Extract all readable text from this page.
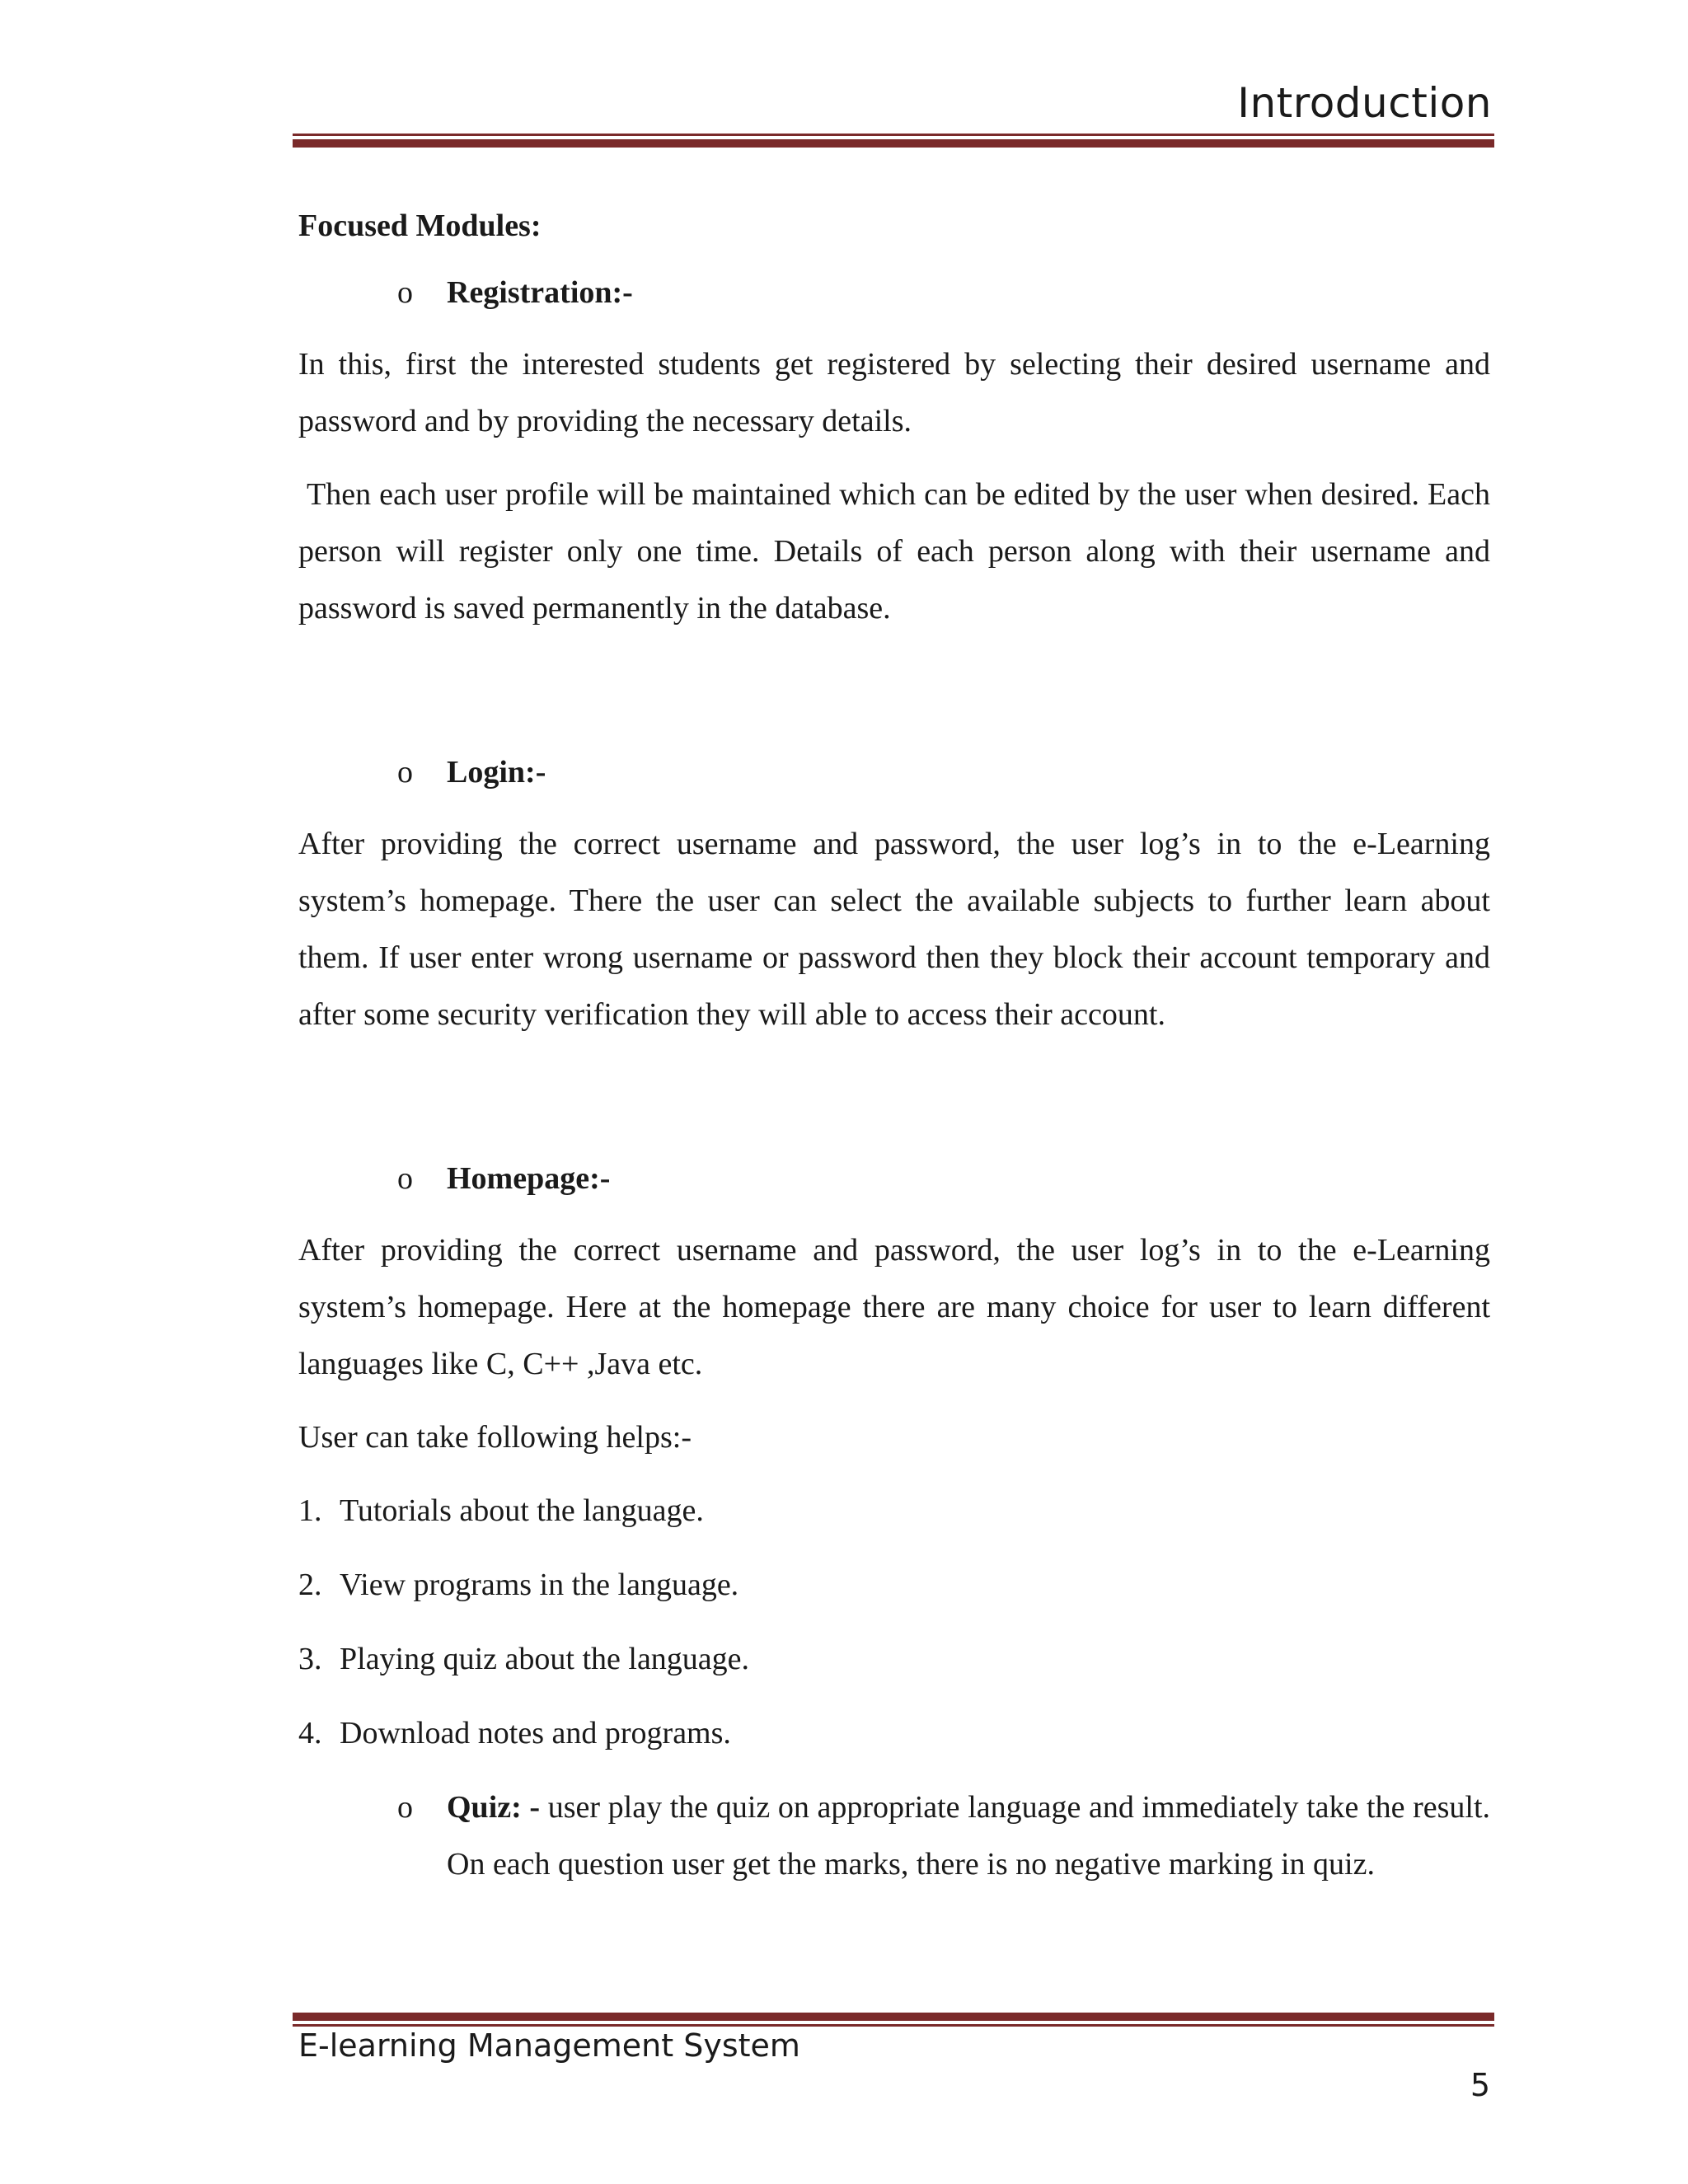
Introduction
Focused Modules:
o Registration:-

In this, first the interested students get registered by selecting their desired username and password and by providing the necessary details.

Then each user profile will be maintained which can be edited by the user when desired. Each person will register only one time. Details of each person along with their username and password is saved permanently in the database.

o Login:-

After providing the correct username and password, the user log’s in to the e-Learning system’s homepage. There the user can select the available subjects to further learn about them. If user enter wrong username or password then they block their account temporary and after some security verification they will able to access their account.

o Homepage:-

After providing the correct username and password, the user log’s in to the e-Learning system’s homepage. Here at the homepage there are many choice for user to learn different languages like C, C++ ,Java etc.

User can take following helps:-

1. Tutorials about the language.
2. View programs in the language.
3. Playing quiz about the language.
4. Download notes and programs.
o Quiz: - user play the quiz on appropriate language and immediately take the result. On each question user get the marks, there is no negative marking in quiz.
E-learning Management System
5
